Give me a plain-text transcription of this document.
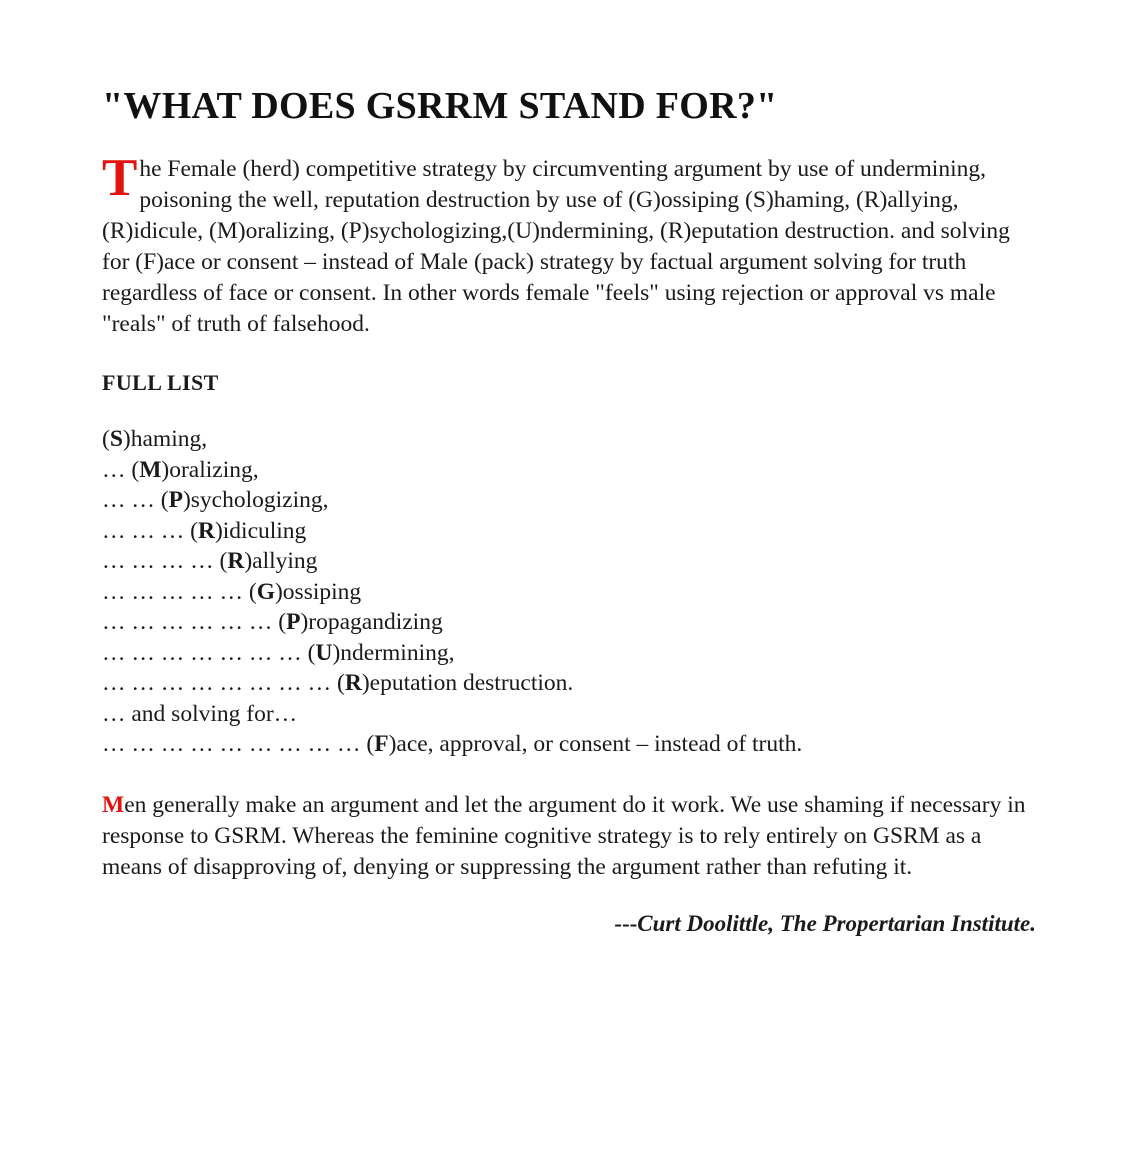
"WHAT DOES GSRRM STAND FOR?"

The Female (herd) competitive strategy by circumventing argument by use of undermining, poisoning the well, reputation destruction by use of (G)ossiping (S)haming, (R)allying, (R)idicule, (M)oralizing, (P)sychologizing,(U)ndermining, (R)eputation destruction. and solving for (F)ace or consent – instead of Male (pack) strategy by factual argument solving for truth regardless of face or consent. In other words female "feels" using rejection or approval vs male "reals" of truth of falsehood.

FULL LIST
(S)haming,
… (M)oralizing,
… … (P)sychologizing,
… … … (R)idiculing
… … … … (R)allying
… … … … … (G)ossiping
… … … … … … (P)ropagandizing
… … … … … … … (U)ndermining,
… … … … … … … … (R)eputation destruction.
… and solving for…
… … … … … … … … … (F)ace, approval, or consent – instead of truth.

Men generally make an argument and let the argument do it work. We use shaming if necessary in response to GSRM. Whereas the feminine cognitive strategy is to rely entirely on GSRM as a means of disapproving of, denying or suppressing the argument rather than refuting it.

---Curt Doolittle, The Propertarian Institute.
